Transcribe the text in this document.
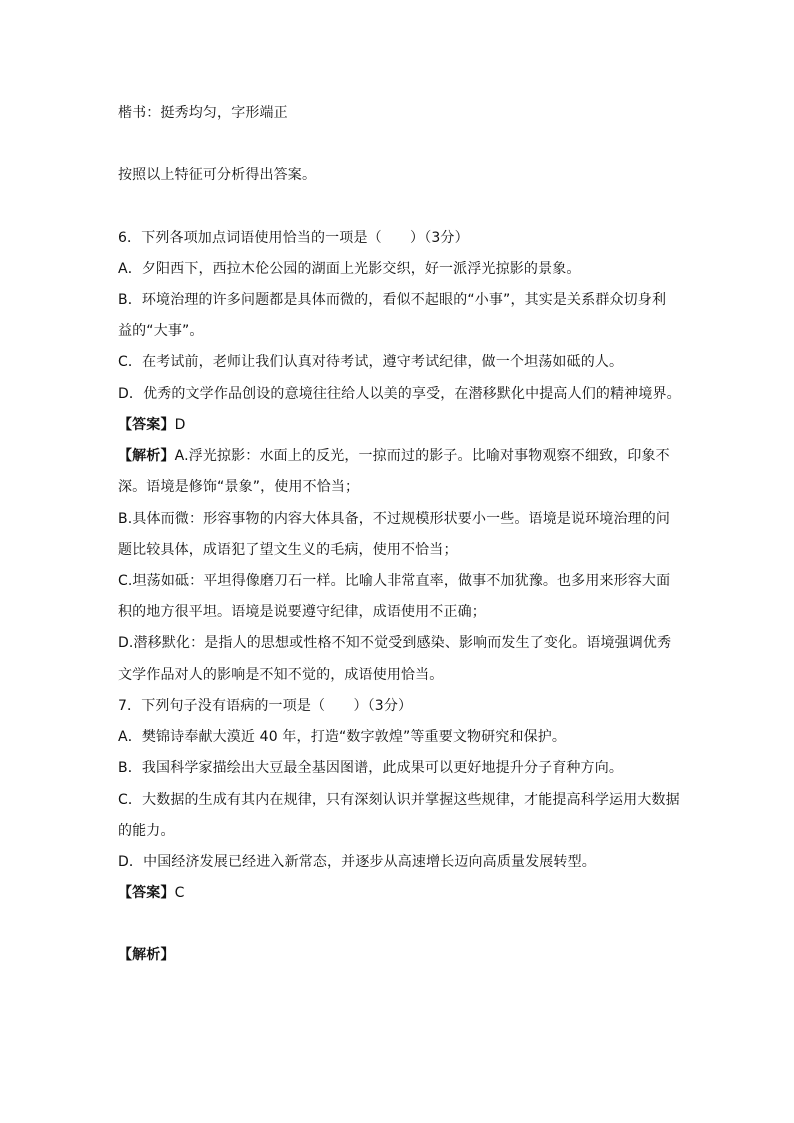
楷书：挺秀均匀，字形端正
按照以上特征可分析得出答案。
6．下列各项加点词语使用恰当的一项是（　　）（3分）
A．夕阳西下，西拉木伦公园的湖面上光影交织，好一派浮光掠影的景象。
B．环境治理的许多问题都是具体而微的，看似不起眼的“小事”，其实是关系群众切身利
益的“大事”。
C．在考试前，老师让我们认真对待考试，遵守考试纪律，做一个坦荡如砥的人。
D．优秀的文学作品创设的意境往往给人以美的享受，在潜移默化中提高人们的精神境界。
【答案】D
【解析】A.浮光掠影：水面上的反光，一掠而过的影子。比喻对事物观察不细致，印象不
深。语境是修饰“景象”，使用不恰当；
B.具体而微：形容事物的内容大体具备，不过规模形状要小一些。语境是说环境治理的问
题比较具体，成语犯了望文生义的毛病，使用不恰当；
C.坦荡如砥：平坦得像磨刀石一样。比喻人非常直率，做事不加犹豫。也多用来形容大面
积的地方很平坦。语境是说要遵守纪律，成语使用不正确；
D.潜移默化：是指人的思想或性格不知不觉受到感染、影响而发生了变化。语境强调优秀
文学作品对人的影响是不知不觉的，成语使用恰当。
7．下列句子没有语病的一项是（　　）（3分）
A．樊锦诗奉献大漠近 40 年，打造“数字敦煌”等重要文物研究和保护。
B．我国科学家描绘出大豆最全基因图谱，此成果可以更好地提升分子育种方向。
C．大数据的生成有其内在规律，只有深刻认识并掌握这些规律，才能提高科学运用大数据
的能力。
D．中国经济发展已经进入新常态，并逐步从高速增长迈向高质量发展转型。
【答案】C
【解析】
